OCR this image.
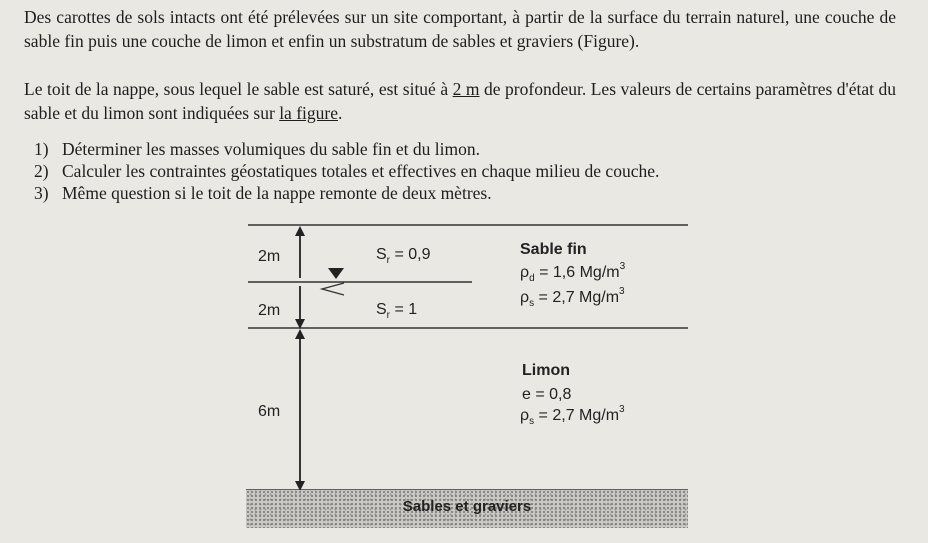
Des carottes de sols intacts ont été prélevées sur un site comportant, à partir de la surface du terrain naturel, une couche de sable fin puis une couche de limon et enfin un substratum de sables et graviers (Figure).

Le toit de la nappe, sous lequel le sable est saturé, est situé à 2 m de profondeur. Les valeurs de certains paramètres d'état du sable et du limon sont indiquées sur la figure.

1) Déterminer les masses volumiques du sable fin et du limon.
2) Calculer les contraintes géostatiques totales et effectives en chaque milieu de couche.
3) Même question si le toit de la nappe remonte de deux mètres.
2m
2m
6m
$S_r = 0,9$
$S_r = 1$
Sable fin
$\rho_d = 1,6$ $Mg/m^3$
$\rho_s = 2,7$ $Mg/m^3$
Limon
e = 0,8
$\rho_s = 2,7$ $Mg/m^3$
Sables et graviers
